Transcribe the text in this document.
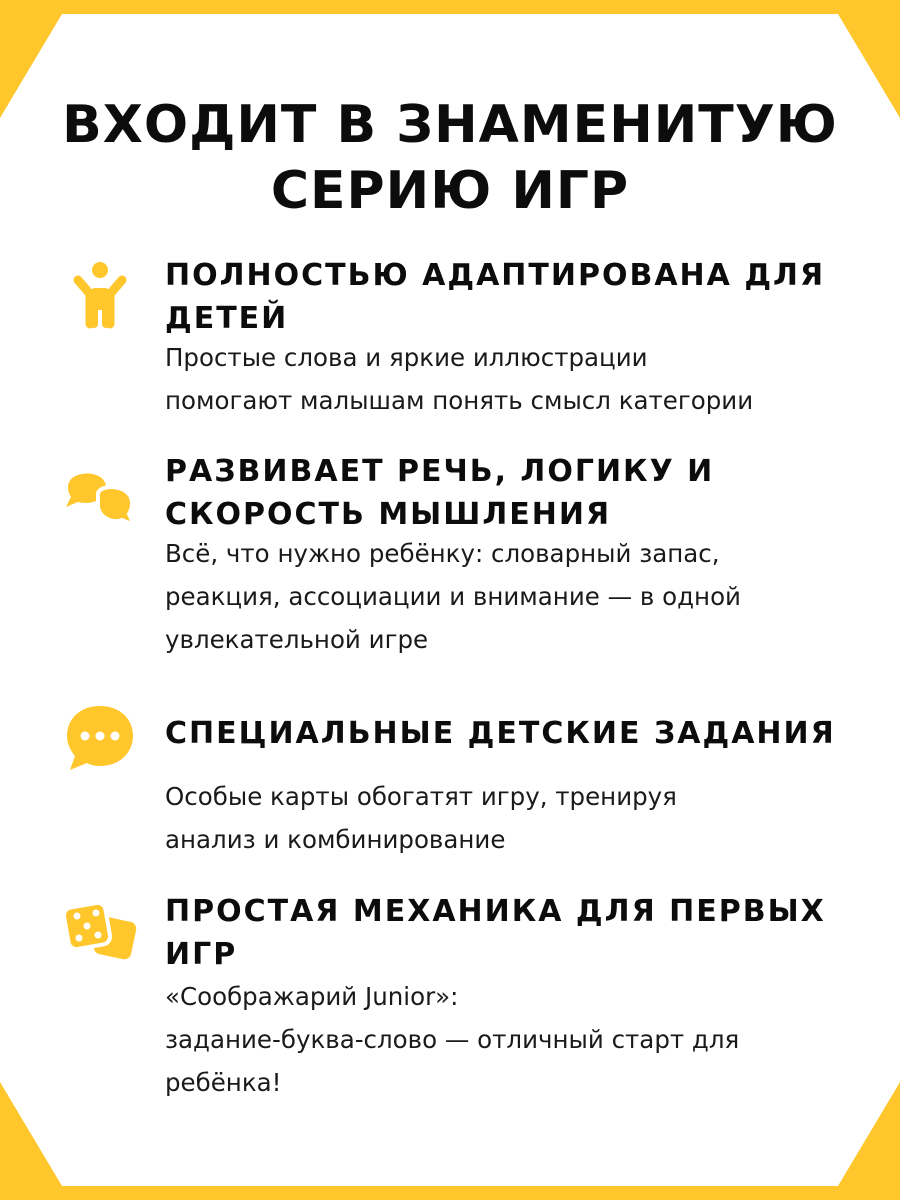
ВХОДИТ В ЗНАМЕНИТУЮ
СЕРИЮ ИГР

ПОЛНОСТЬЮ АДАПТИРОВАНА ДЛЯ ДЕТЕЙ

Простые слова и яркие иллюстрации
помогают малышам понять смысл категории

РАЗВИВАЕТ РЕЧЬ, ЛОГИКУ И СКОРОСТЬ МЫШЛЕНИЯ

Всё, что нужно ребёнку: словарный запас,
реакция, ассоциации и внимание — в одной
увлекательной игре

СПЕЦИАЛЬНЫЕ ДЕТСКИЕ ЗАДАНИЯ

Особые карты обогатят игру, тренируя
анализ и комбинирование

ПРОСТАЯ МЕХАНИКА ДЛЯ ПЕРВЫХ ИГР

«Соображарий Junior»:
задание-буква-слово — отличный старт для
ребёнка!
